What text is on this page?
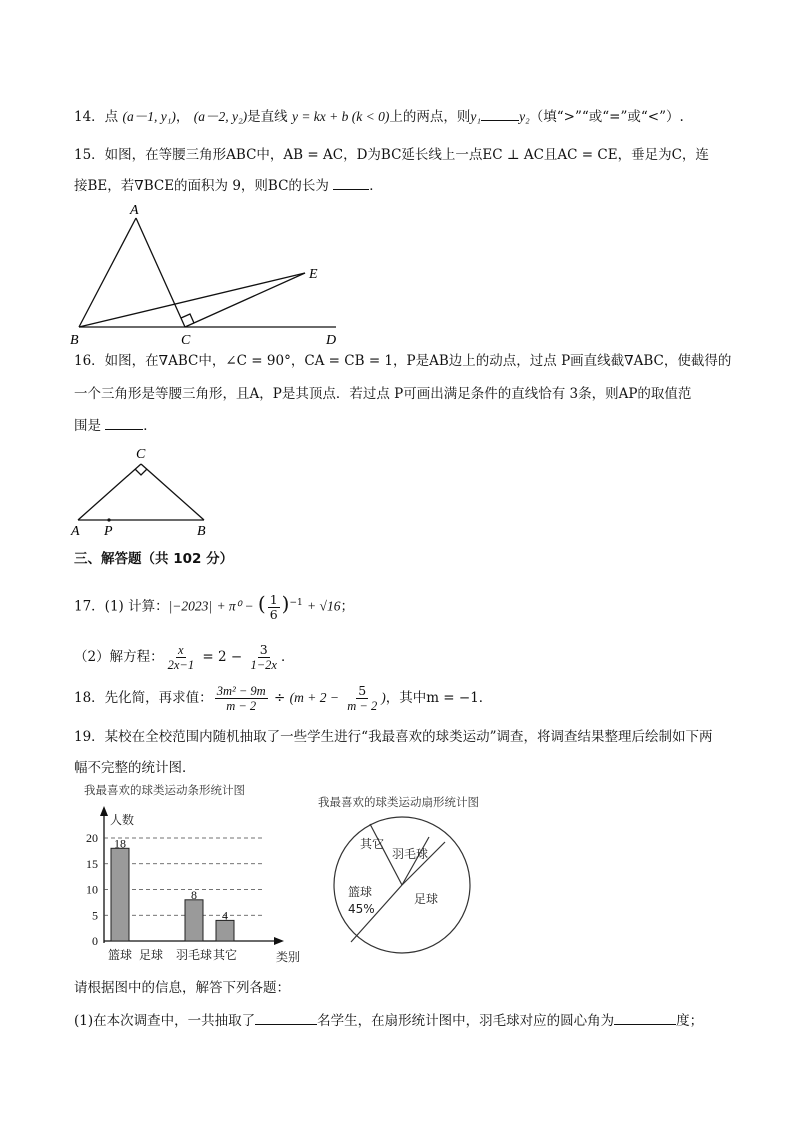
14．点 (a－1, y₁)， (a－2, y₂)是直线 y = kx + b (k < 0)上的两点，则y₁	y₂（填“>”“或“=”或“<”）.
15．如图，在等腰三角形ABC中，AB = AC，D为BC延长线上一点EC ⊥ AC且AC = CE，垂足为C，连
接BE，若∇BCE的面积为 9，则BC的长为	．
A
B	C	D
E
16．如图，在∇ABC中，∠C = 90°，CA = CB = 1，P是AB边上的动点，过点 P画直线截∇ABC，使截得的
一个三角形是等腰三角形，且A，P是其顶点．若过点 P可画出满足条件的直线恰有 3条，则AP的取值范
围是	．
C
A P	B
三、解答题（共 102 分）
17．(1) 计算：|−2023| + π⁰ − ( $\frac{1}{6} )^{-1} + √16$；
（2）解方程： $\frac{x}{2x-1} = 2 - \frac{3}{1-2x}$ ．
18．先化简，再求值： $\frac{\text{3m² − 9m}}{m - 2} \div (m + 2 - \frac{5}{m - 2}$ )，其中m = −1．
19．某校在全校范围内随机抽取了一些学生进行“我最喜欢的球类运动”调查，将调查结果整理后绘制如下两
幅不完整的统计图．
我最喜欢的球类运动条形统计图
人数
类别
0
5
10
15
20 18
篮球 足球
8
羽毛球
4
其它
我最喜欢的球类运动扇形统计图
篮球
45%
足球
羽毛球
其它
请根据图中的信息，解答下列各题：
(1)在本次调查中，一共抽取了	名学生，在扇形统计图中，羽毛球对应的圆心角为	度；
